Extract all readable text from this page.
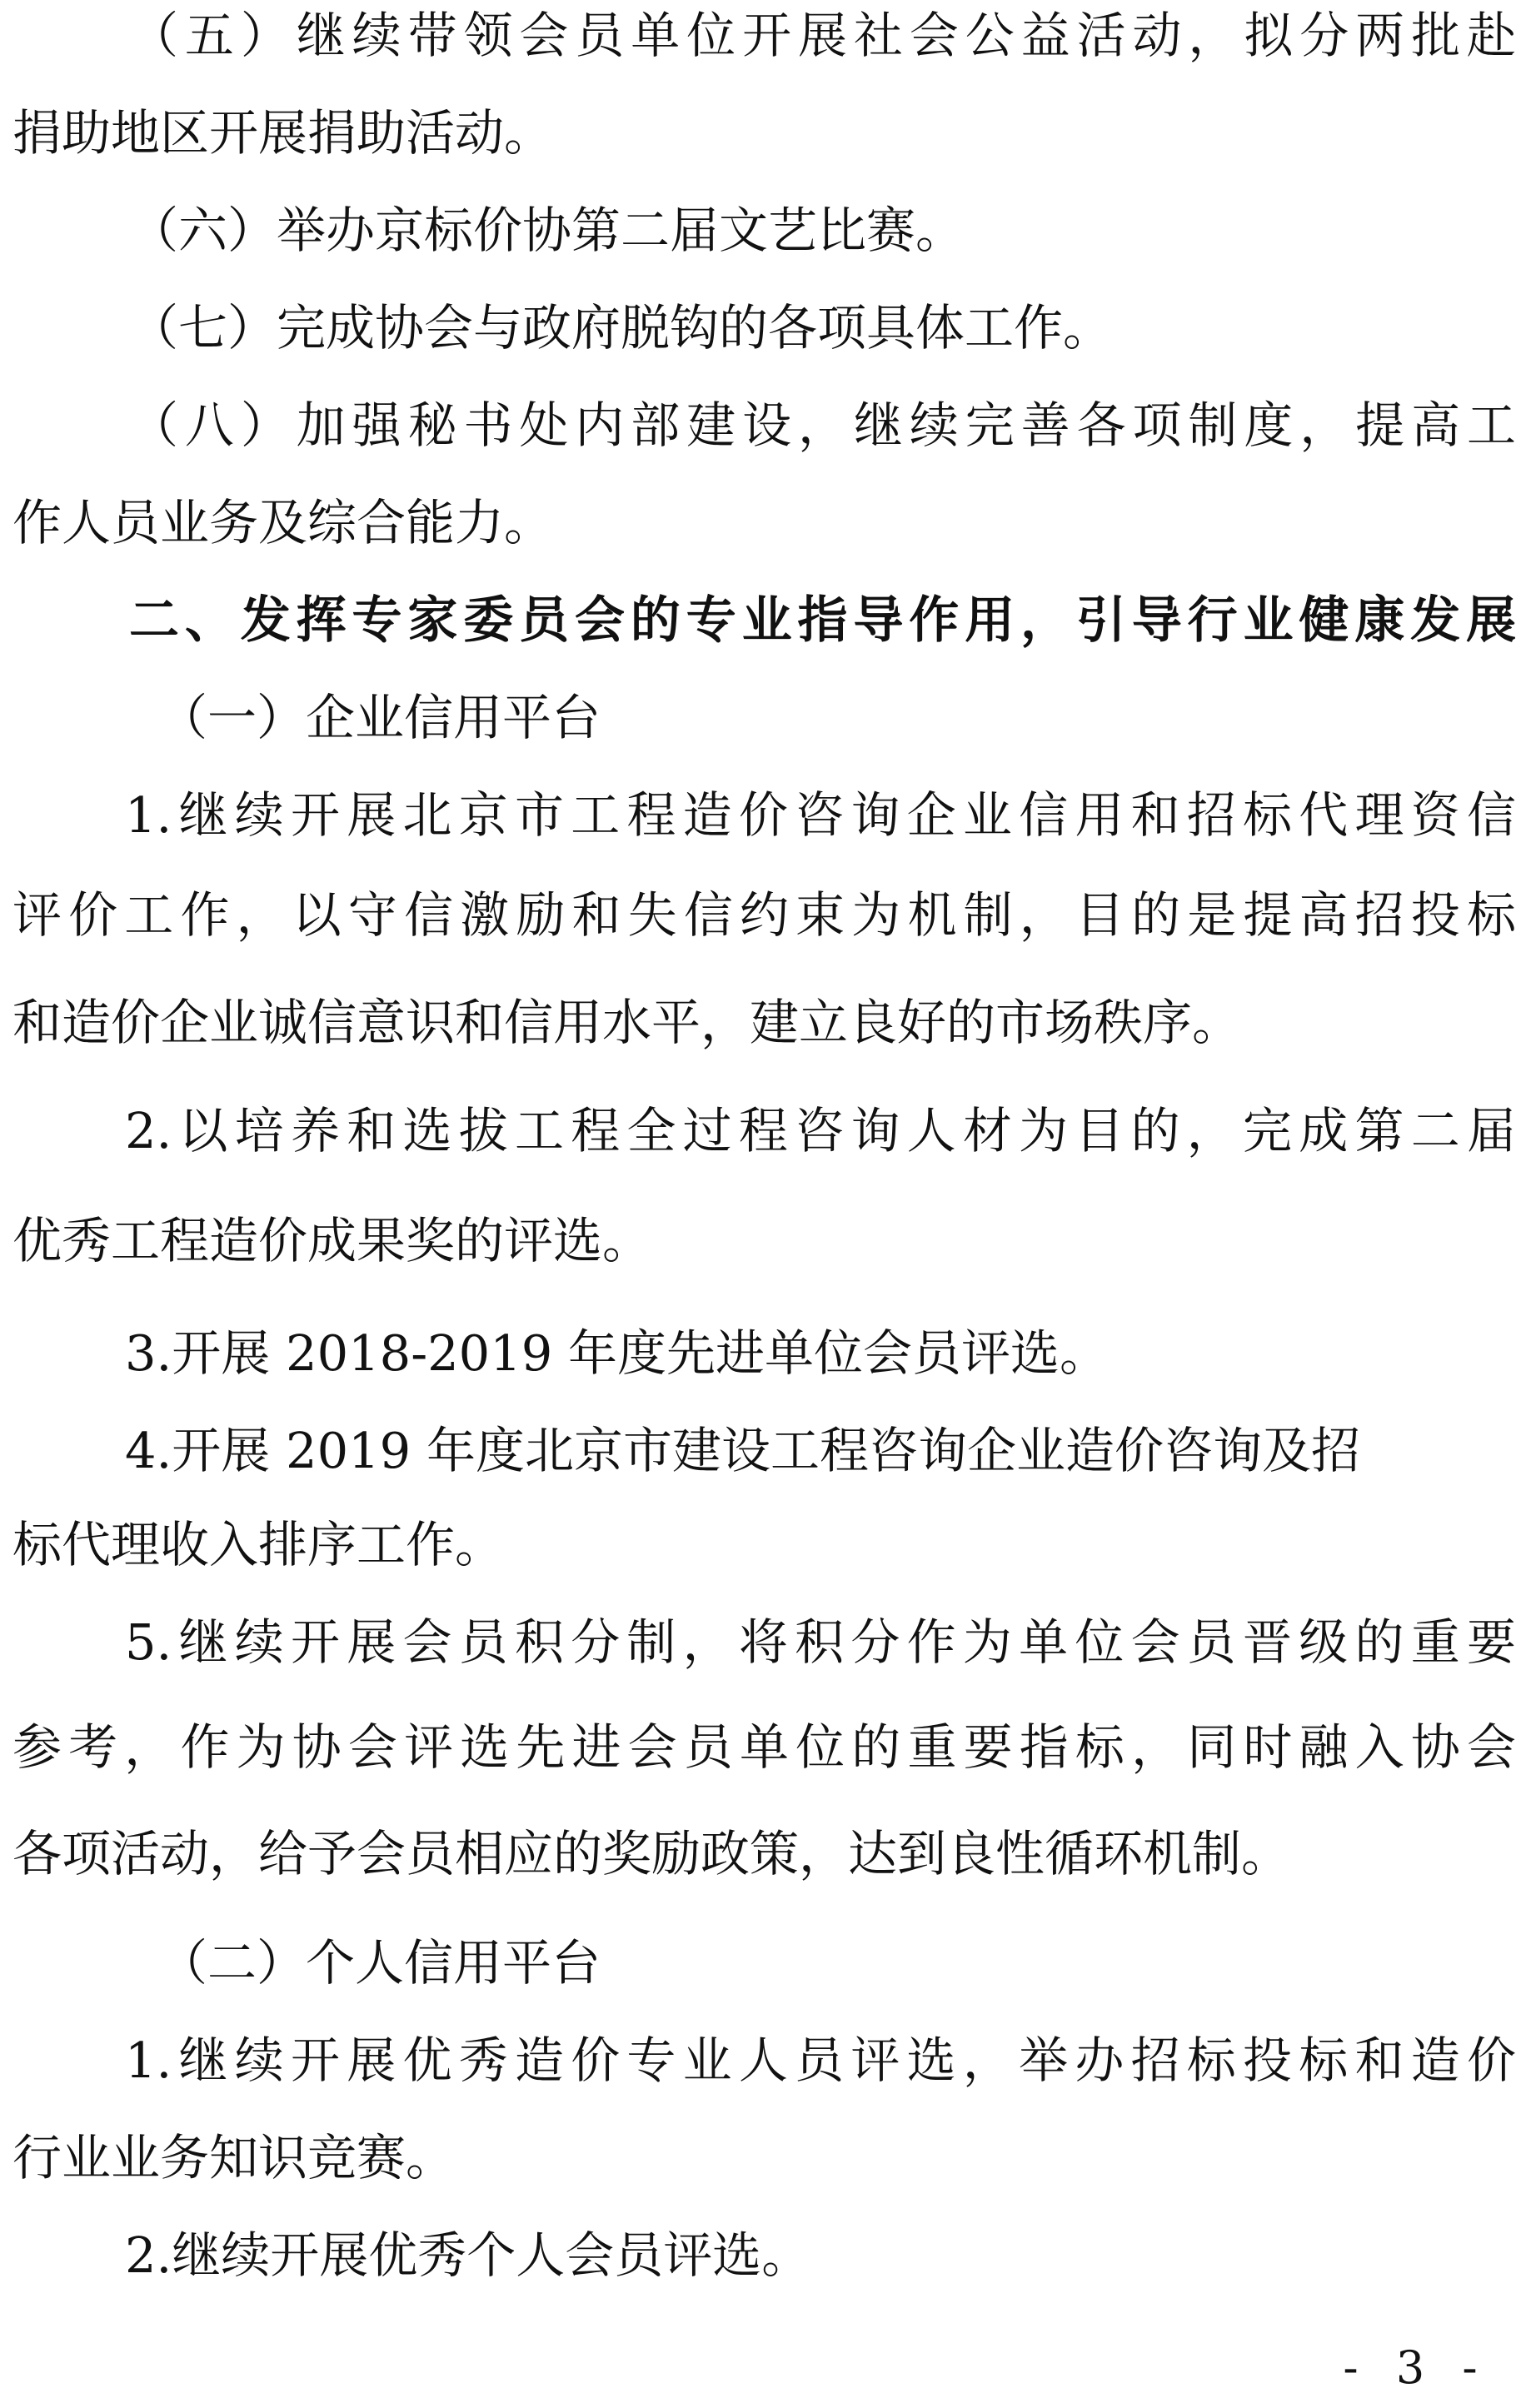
（五）继续带领会员单位开展社会公益活动，拟分两批赴
捐助地区开展捐助活动。
（六）举办京标价协第二届文艺比赛。
（七）完成协会与政府脱钩的各项具体工作。
（八）加强秘书处内部建设，继续完善各项制度，提高工
作人员业务及综合能力。
二、发挥专家委员会的专业指导作用，引导行业健康发展
（一）企业信用平台
1.继续开展北京市工程造价咨询企业信用和招标代理资信
评价工作，以守信激励和失信约束为机制，目的是提高招投标
和造价企业诚信意识和信用水平，建立良好的市场秩序。
2.以培养和选拔工程全过程咨询人材为目的，完成第二届
优秀工程造价成果奖的评选。
3.开展 2018-2019 年度先进单位会员评选。
4.开展 2019 年度北京市建设工程咨询企业造价咨询及招
标代理收入排序工作。
5.继续开展会员积分制，将积分作为单位会员晋级的重要
参考，作为协会评选先进会员单位的重要指标，同时融入协会
各项活动，给予会员相应的奖励政策，达到良性循环机制。
（二）个人信用平台
1.继续开展优秀造价专业人员评选，举办招标投标和造价
行业业务知识竞赛。
2.继续开展优秀个人会员评选。
- 3 -
